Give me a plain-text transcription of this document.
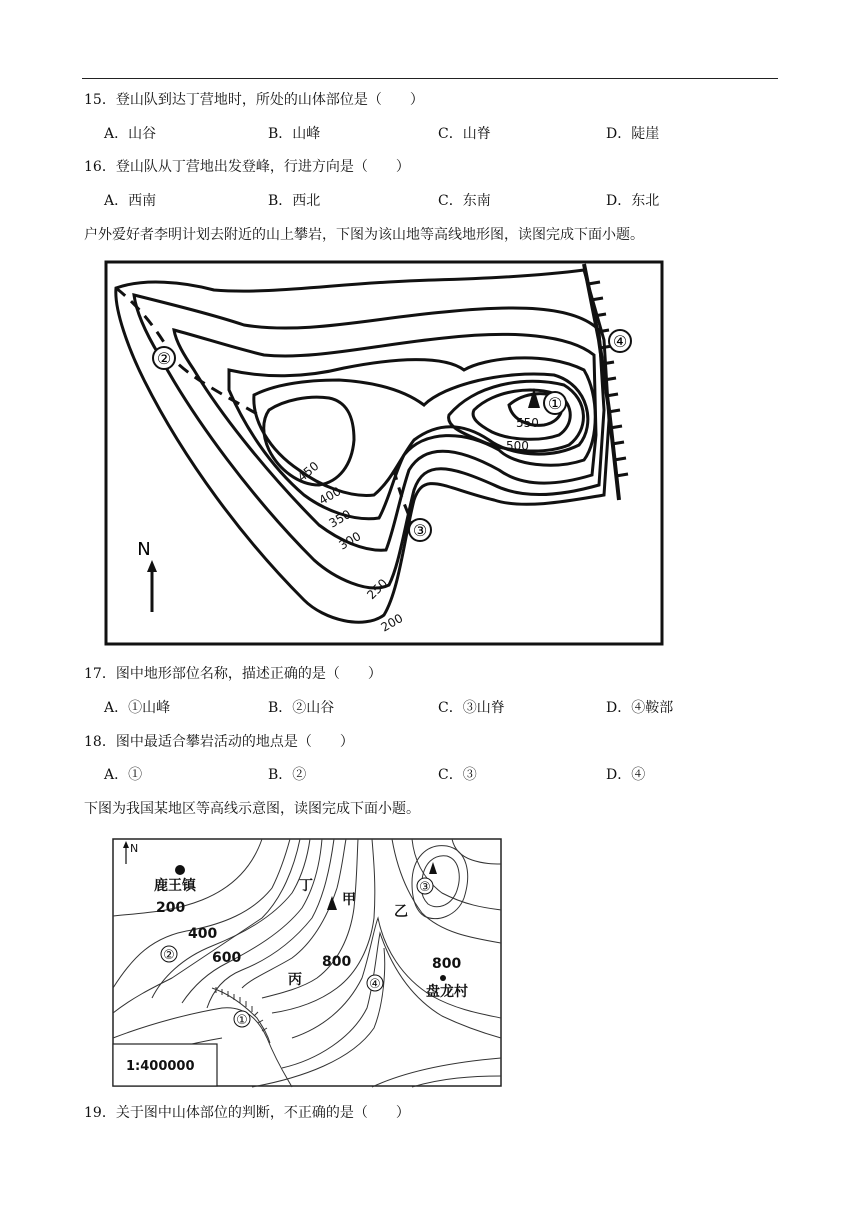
15．登山队到达丁营地时，所处的山体部位是（　　）
A．山谷	B．山峰	C．山脊	D．陡崖
16．登山队从丁营地出发登峰，行进方向是（　　）
A．西南	B．西北	C．东南	D．东北
户外爱好者李明计划去附近的山上攀岩，下图为该山地等高线地形图，读图完成下面小题。
①
②
③
④
550
500
450
400
350
300
250
200
N
17．图中地形部位名称，描述正确的是（　　）
A．①山峰	B．②山谷	C．③山脊	D．④鞍部
18．图中最适合攀岩活动的地点是（　　）
A．①	B．②	C．③	D．④
下图为我国某地区等高线示意图，读图完成下面小题。
N
鹿王镇
盘龙村
甲
乙
丙
丁
①
②
③
④
200
400
600	800	800
1:400000
19．关于图中山体部位的判断，不正确的是（　　）
